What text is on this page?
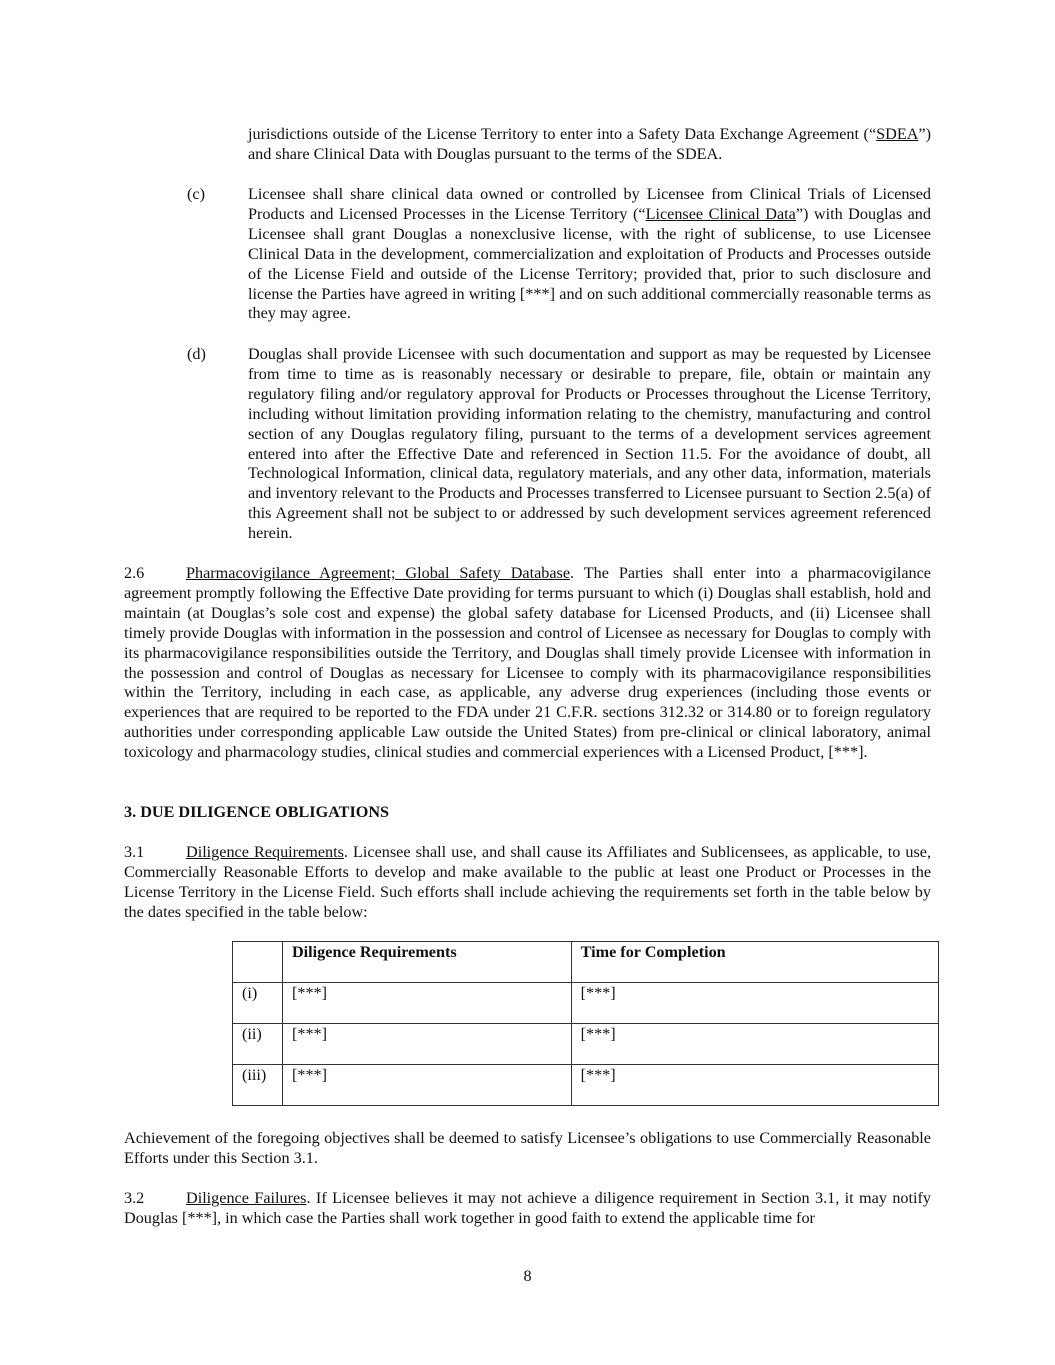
jurisdictions outside of the License Territory to enter into a Safety Data Exchange Agreement (“SDEA”) and share Clinical Data with Douglas pursuant to the terms of the SDEA.

(c)	Licensee shall share clinical data owned or controlled by Licensee from Clinical Trials of Licensed Products and Licensed Processes in the License Territory (“Licensee Clinical Data”) with Douglas and Licensee shall grant Douglas a nonexclusive license, with the right of sublicense, to use Licensee Clinical Data in the development, commercialization and exploitation of Products and Processes outside of the License Field and outside of the License Territory; provided that, prior to such disclosure and license the Parties have agreed in writing [***] and on such additional commercially reasonable terms as they may agree.

(d)	Douglas shall provide Licensee with such documentation and support as may be requested by Licensee from time to time as is reasonably necessary or desirable to prepare, file, obtain or maintain any regulatory filing and/or regulatory approval for Products or Processes throughout the License Territory, including without limitation providing information relating to the chemistry, manufacturing and control section of any Douglas regulatory filing, pursuant to the terms of a development services agreement entered into after the Effective Date and referenced in Section 11.5. For the avoidance of doubt, all Technological Information, clinical data, regulatory materials, and any other data, information, materials and inventory relevant to the Products and Processes transferred to Licensee pursuant to Section 2.5(a) of this Agreement shall not be subject to or addressed by such development services agreement referenced herein.

2.6	Pharmacovigilance Agreement; Global Safety Database. The Parties shall enter into a pharmacovigilance agreement promptly following the Effective Date providing for terms pursuant to which (i) Douglas shall establish, hold and maintain (at Douglas’s sole cost and expense) the global safety database for Licensed Products, and (ii) Licensee shall timely provide Douglas with information in the possession and control of Licensee as necessary for Douglas to comply with its pharmacovigilance responsibilities outside the Territory, and Douglas shall timely provide Licensee with information in the possession and control of Douglas as necessary for Licensee to comply with its pharmacovigilance responsibilities within the Territory, including in each case, as applicable, any adverse drug experiences (including those events or experiences that are required to be reported to the FDA under 21 C.F.R. sections 312.32 or 314.80 or to foreign regulatory authorities under corresponding applicable Law outside the United States) from pre-clinical or clinical laboratory, animal toxicology and pharmacology studies, clinical studies and commercial experiences with a Licensed Product, [***].

3. DUE DILIGENCE OBLIGATIONS

3.1	Diligence Requirements. Licensee shall use, and shall cause its Affiliates and Sublicensees, as applicable, to use, Commercially Reasonable Efforts to develop and make available to the public at least one Product or Processes in the License Territory in the License Field. Such efforts shall include achieving the requirements set forth in the table below by the dates specified in the table below:

	Diligence Requirements	Time for Completion
(i)	[***]	[***]
(ii)	[***]	[***]
(iii)	[***]	[***]

Achievement of the foregoing objectives shall be deemed to satisfy Licensee’s obligations to use Commercially Reasonable Efforts under this Section 3.1.

3.2	Diligence Failures. If Licensee believes it may not achieve a diligence requirement in Section 3.1, it may notify Douglas [***], in which case the Parties shall work together in good faith to extend the applicable time for

8
